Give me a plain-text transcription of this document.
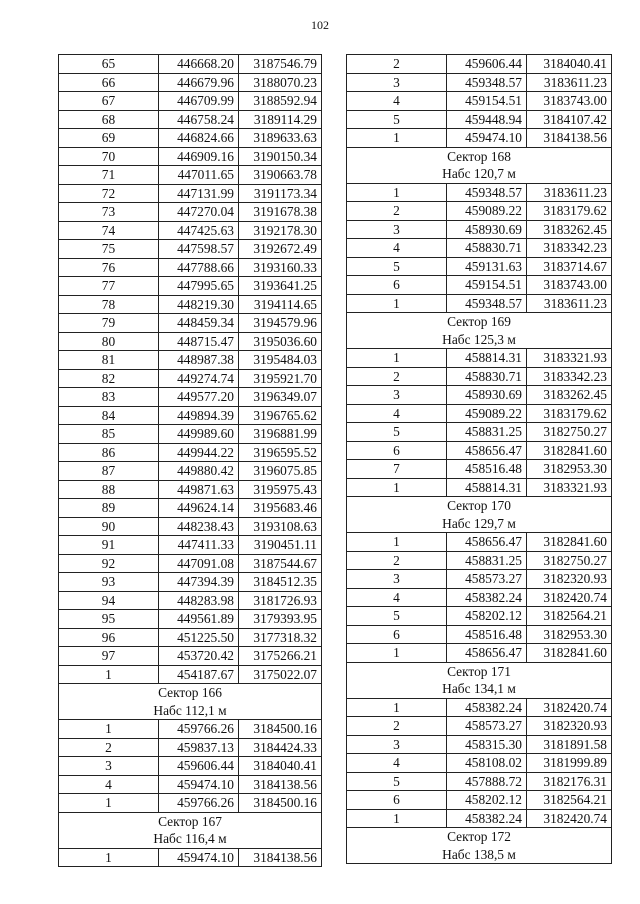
102
65	446668.20	3187546.79
66	446679.96	3188070.23
67	446709.99	3188592.94
68	446758.24	3189114.29
69	446824.66	3189633.63
70	446909.16	3190150.34
71	447011.65	3190663.78
72	447131.99	3191173.34
73	447270.04	3191678.38
74	447425.63	3192178.30
75	447598.57	3192672.49
76	447788.66	3193160.33
77	447995.65	3193641.25
78	448219.30	3194114.65
79	448459.34	3194579.96
80	448715.47	3195036.60
81	448987.38	3195484.03
82	449274.74	3195921.70
83	449577.20	3196349.07
84	449894.39	3196765.62
85	449989.60	3196881.99
86	449944.22	3196595.52
87	449880.42	3196075.85
88	449871.63	3195975.43
89	449624.14	3195683.46
90	448238.43	3193108.63
91	447411.33	3190451.11
92	447091.08	3187544.67
93	447394.39	3184512.35
94	448283.98	3181726.93
95	449561.89	3179393.95
96	451225.50	3177318.32
97	453720.42	3175266.21
1	454187.67	3175022.07
Сектор 166		
Набс 112,1 м		
1	459766.26	3184500.16
2	459837.13	3184424.33
3	459606.44	3184040.41
4	459474.10	3184138.56
1	459766.26	3184500.16
Сектор 167		
Набс 116,4 м		
1	459474.10	3184138.56
2	459606.44	3184040.41
3	459348.57	3183611.23
4	459154.51	3183743.00
5	459448.94	3184107.42
1	459474.10	3184138.56
Сектор 168		
Набс 120,7 м		
1	459348.57	3183611.23
2	459089.22	3183179.62
3	458930.69	3183262.45
4	458830.71	3183342.23
5	459131.63	3183714.67
6	459154.51	3183743.00
1	459348.57	3183611.23
Сектор 169		
Набс 125,3 м		
1	458814.31	3183321.93
2	458830.71	3183342.23
3	458930.69	3183262.45
4	459089.22	3183179.62
5	458831.25	3182750.27
6	458656.47	3182841.60
7	458516.48	3182953.30
1	458814.31	3183321.93
Сектор 170		
Набс 129,7 м		
1	458656.47	3182841.60
2	458831.25	3182750.27
3	458573.27	3182320.93
4	458382.24	3182420.74
5	458202.12	3182564.21
6	458516.48	3182953.30
1	458656.47	3182841.60
Сектор 171		
Набс 134,1 м		
1	458382.24	3182420.74
2	458573.27	3182320.93
3	458315.30	3181891.58
4	458108.02	3181999.89
5	457888.72	3182176.31
6	458202.12	3182564.21
1	458382.24	3182420.74
Сектор 172		
Набс 138,5 м		
